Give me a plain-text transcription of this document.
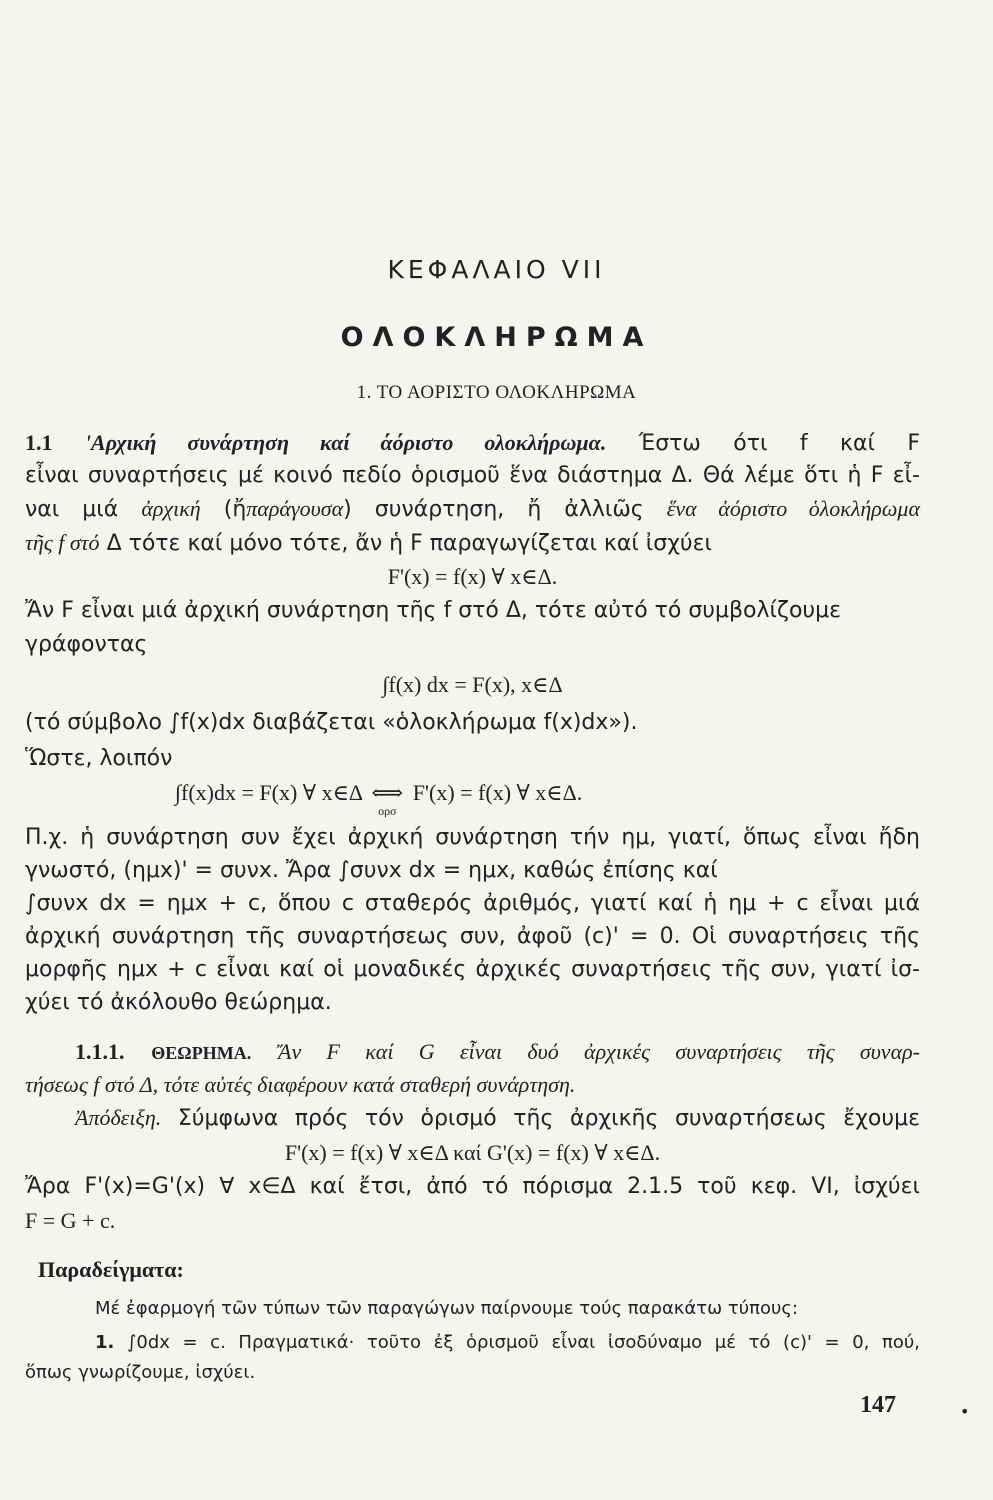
ΚΕΦΑΛΑΙΟ VII
ΟΛΟΚΛΗΡΩΜΑ
1. ΤΟ ΑΟΡΙΣΤΟ ΟΛΟΚΛΗΡΩΜΑ
1.1 'Αρχική συνάρτηση καί άόριστο ολοκλήρωμα. Έστω ότι f καί F
εἶναι συναρτήσεις μέ κοινό πεδίο ὁρισμοῦ ἕνα διάστημα Δ. Θά λέμε ὅτι ἡ F εἶ-
ναι μιά ἀρχική (ἤπαράγουσα) συνάρτηση, ἤ ἀλλιῶς ἕνα ἀόριστο ὁλοκλήρωμα
τῆς f στό Δ τότε καί μόνο τότε, ἄν ἡ F παραγωγίζεται καί ἰσχύει
F'(x) = f(x) ∀ x∈Δ.
Ἄν F εἶναι μιά ἀρχική συνάρτηση τῆς f στό Δ, τότε αὐτό τό συμβολίζουμε
γράφοντας
∫f(x) dx = F(x), x∈Δ
(τό σύμβολο ∫f(x)dx διαβάζεται «ὁλοκλήρωμα f(x)dx»).
Ὥστε, λοιπόν
∫f(x)dx = F(x) ∀ x∈Δ ⟺
ορσ
F'(x) = f(x) ∀ x∈Δ.
Π.χ. ἡ συνάρτηση συν ἔχει ἀρχική συνάρτηση τήν ημ, γιατί, ὅπως εἶναι ἤδη
γνωστό, (ημx)' = συνx. Ἄρα ∫συνx dx = ημx, καθώς ἐπίσης καί
∫συνx dx = ημx + c, ὅπου c σταθερός ἀριθμός, γιατί καί ἡ ημ + c εἶναι μιά
ἀρχική συνάρτηση τῆς συναρτήσεως συν, ἀφοῦ (c)' = 0. Οἱ συναρτήσεις τῆς
μορφῆς ημx + c εἶναι καί οἱ μοναδικές ἀρχικές συναρτήσεις τῆς συν, γιατί ἰσ-
χύει τό ἀκόλουθο θεώρημα.
1.1.1. ΘΕΩΡΗΜΑ. Ἄν F καί G εἶναι δυό ἀρχικές συναρτήσεις τῆς συναρ-
τήσεως f στό Δ, τότε αὐτές διαφέρουν κατά σταθερή συνάρτηση.
Ἀπόδειξη. Σύμφωνα πρός τόν ὁρισμό τῆς ἀρχικῆς συναρτήσεως ἔχουμε
F'(x) = f(x) ∀ x∈Δ καί G'(x) = f(x) ∀ x∈Δ.
Ἄρα F'(x)=G'(x) ∀ x∈Δ καί ἔτσι, ἀπό τό πόρισμα 2.1.5 τοῦ κεφ. VI, ἰσχύει
F = G + c.
Παραδείγματα:
Μέ ἐφαρμογή τῶν τύπων τῶν παραγώγων παίρνουμε τούς παρακάτω τύπους:
1. ∫0dx = c. Πραγματικά· τοῦτο ἐξ ὁρισμοῦ εἶναι ἰσοδύναμο μέ τό (c)' = 0, πού,
ὅπως γνωρίζουμε, ἰσχύει.
147	•
